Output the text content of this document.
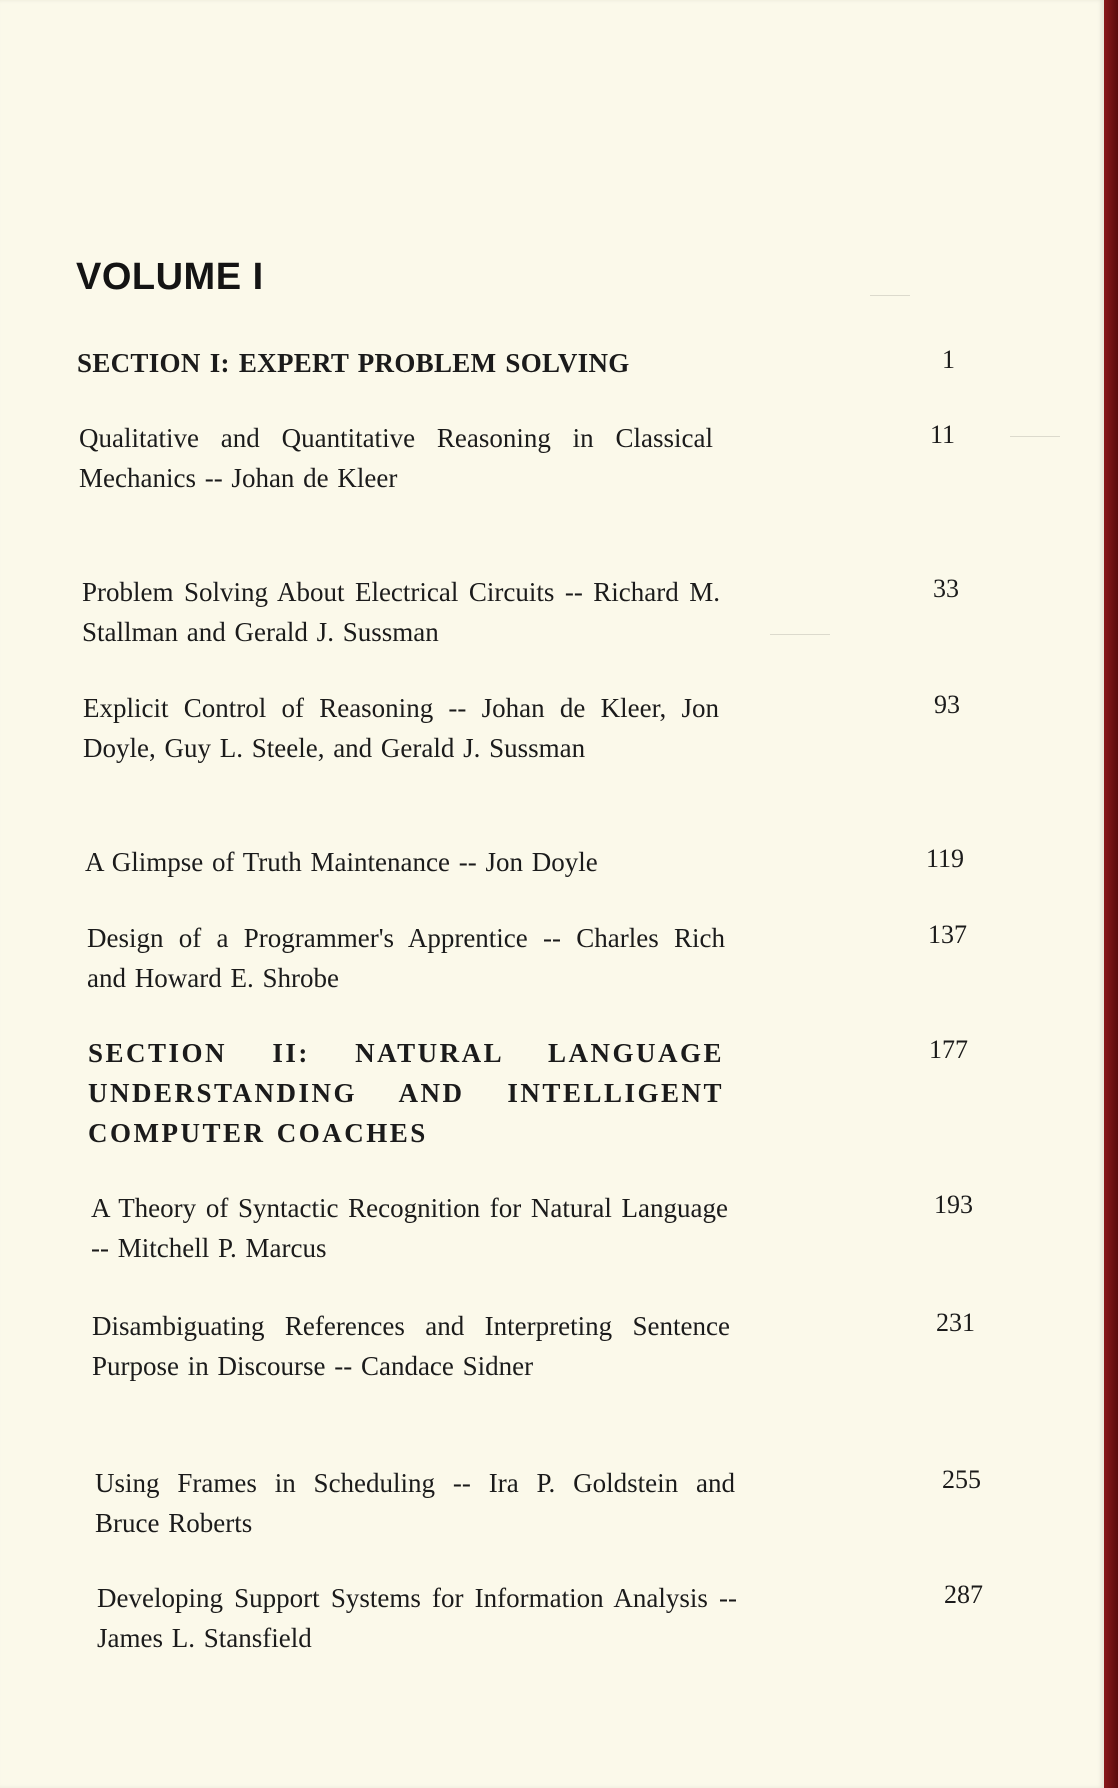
VOLUME I
SECTION I: EXPERT PROBLEM SOLVING	1
Qualitative and Quantitative Reasoning in Classical Mechanics -- Johan de Kleer
11
Problem Solving About Electrical Circuits -- Richard M. Stallman and Gerald J. Sussman
33
Explicit Control of Reasoning -- Johan de Kleer, Jon Doyle, Guy L. Steele, and Gerald J. Sussman
93
A Glimpse of Truth Maintenance -- Jon Doyle	119
Design of a Programmer's Apprentice -- Charles Rich and Howard E. Shrobe
137
SECTION II: NATURAL LANGUAGE UNDERSTANDING AND INTELLIGENT COMPUTER COACHES
177
A Theory of Syntactic Recognition for Natural Language -- Mitchell P. Marcus
193
Disambiguating References and Interpreting Sentence Purpose in Discourse -- Candace Sidner
231
Using Frames in Scheduling -- Ira P. Goldstein and Bruce Roberts
255
Developing Support Systems for Information Analysis -- James L. Stansfield
287
